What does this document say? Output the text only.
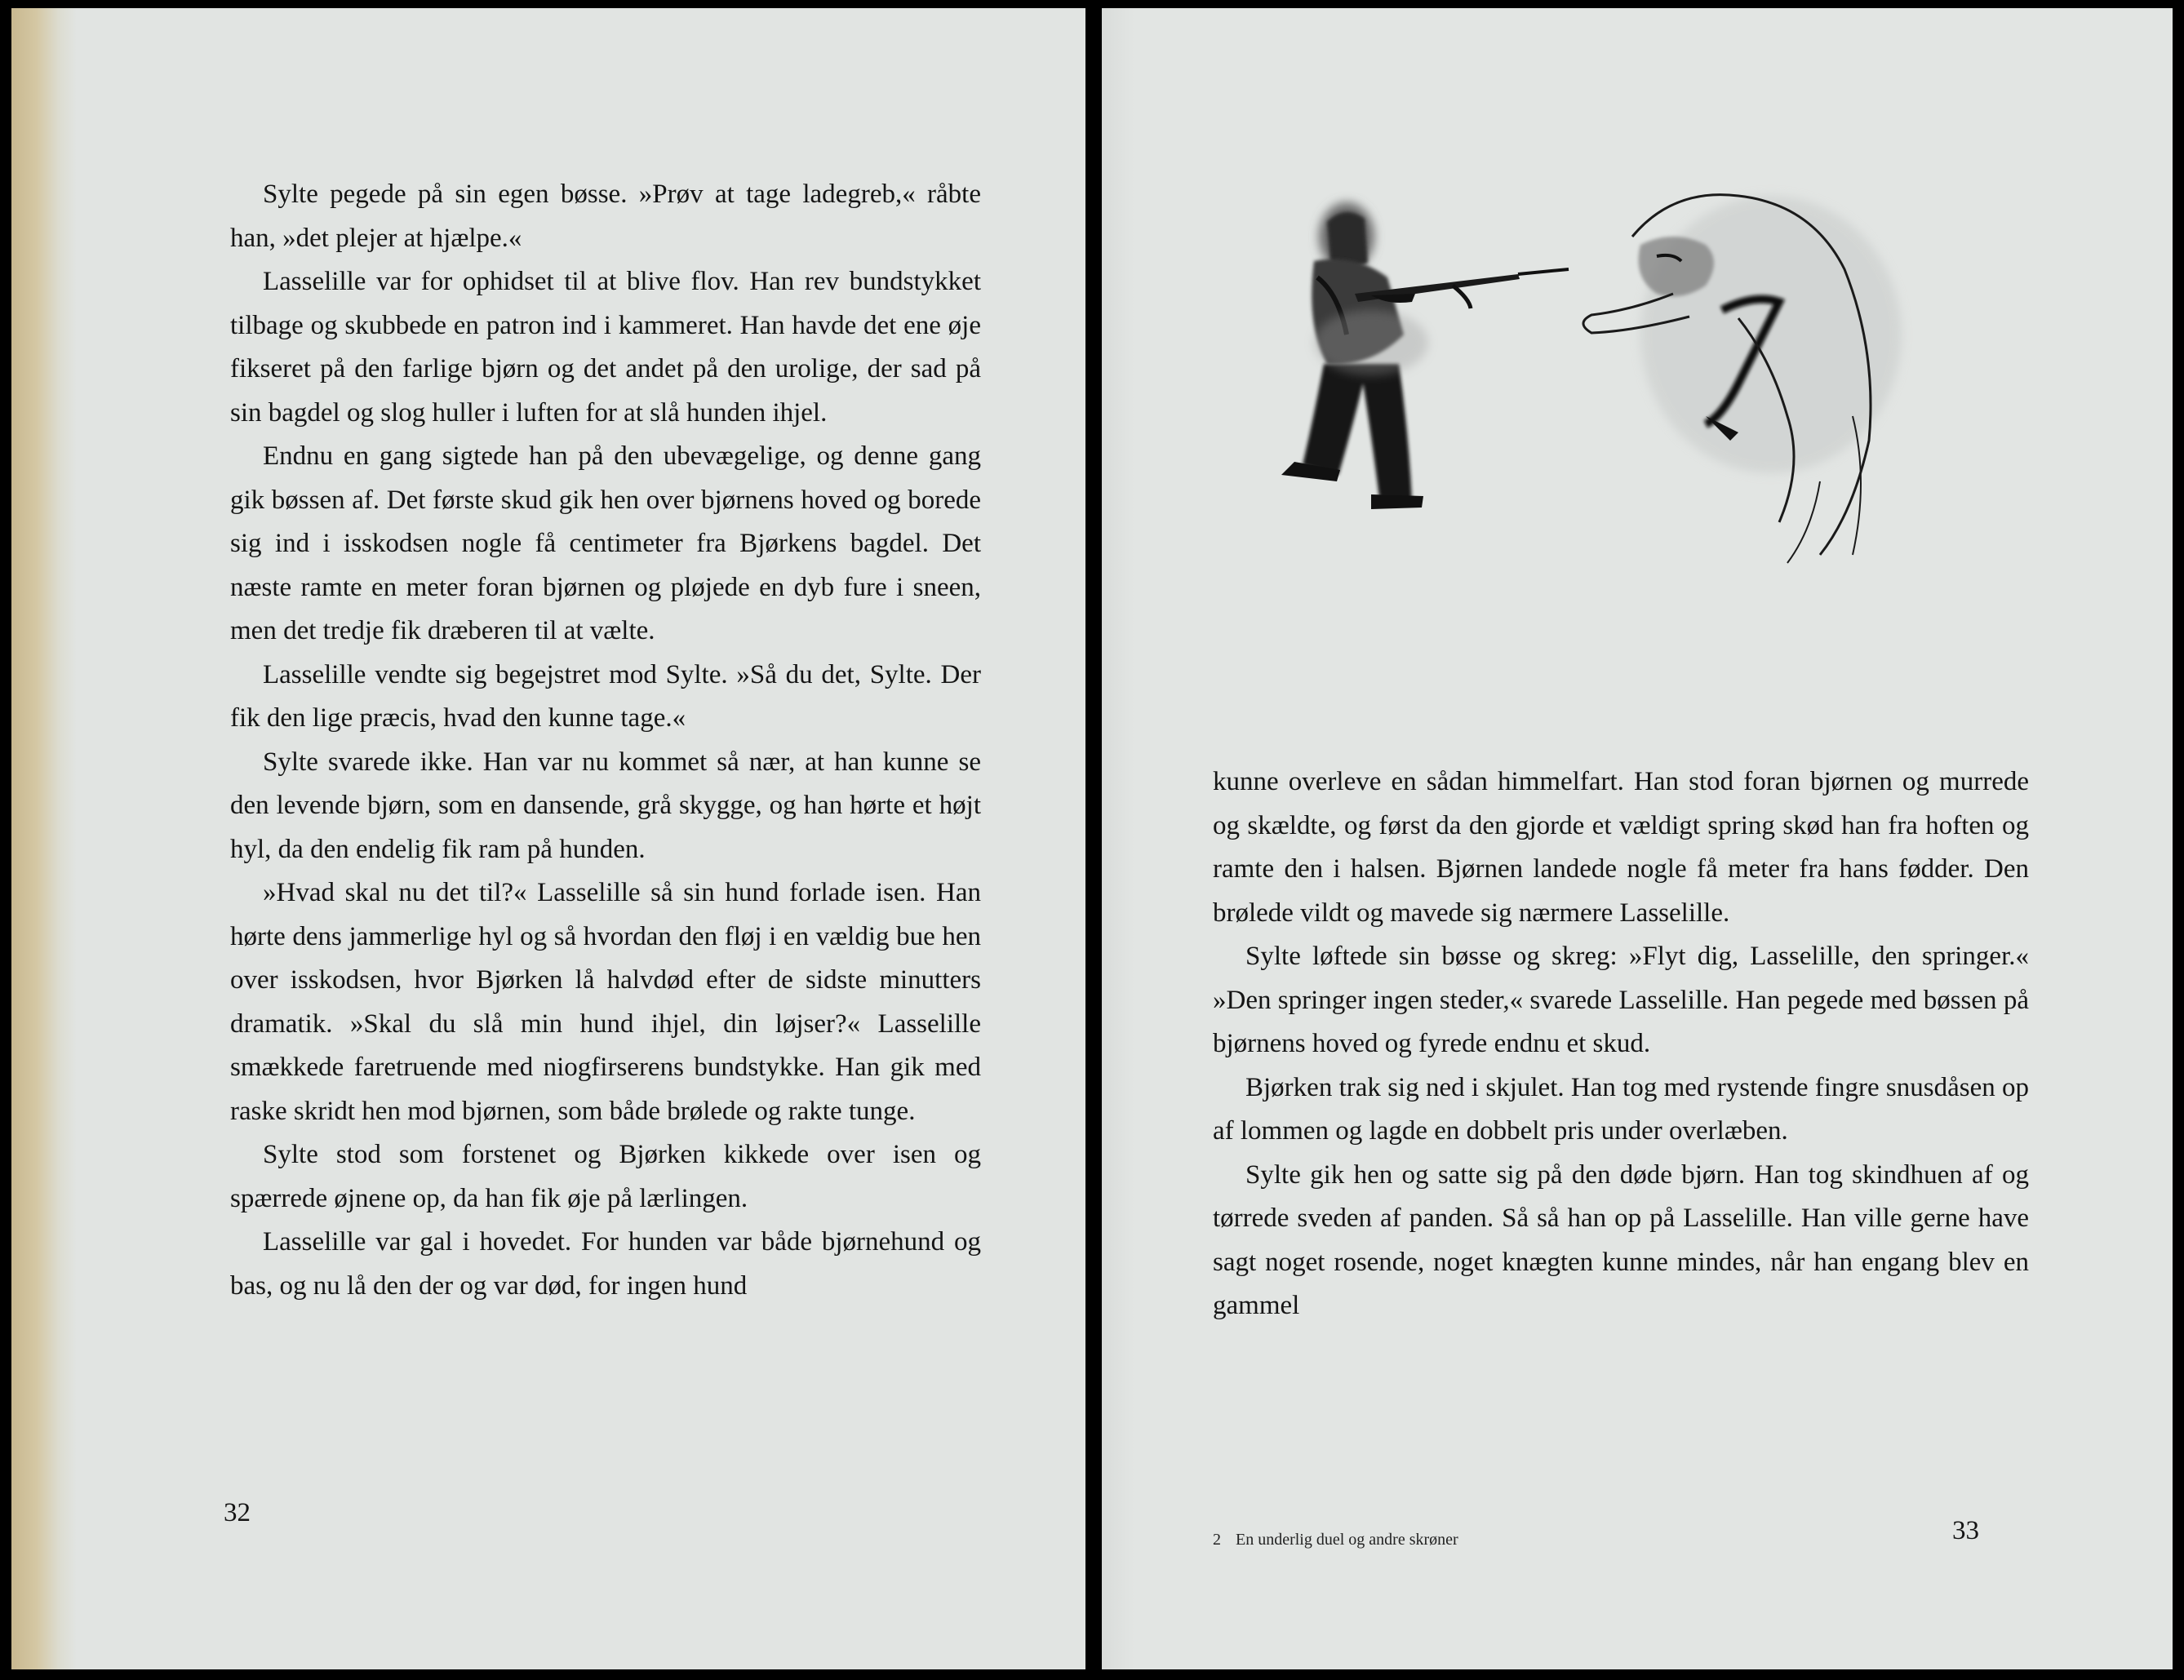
Sylte pegede på sin egen bøsse. »Prøv at tage ladegreb,« råbte han, »det plejer at hjælpe.«

Lasselille var for ophidset til at blive flov. Han rev bundstykket tilbage og skubbede en patron ind i kammeret. Han havde det ene øje fikseret på den farlige bjørn og det andet på den urolige, der sad på sin bagdel og slog huller i luften for at slå hunden ihjel.

Endnu en gang sigtede han på den ubevægelige, og denne gang gik bøssen af. Det første skud gik hen over bjørnens hoved og borede sig ind i isskodsen nogle få centimeter fra Bjørkens bagdel. Det næste ramte en meter foran bjørnen og pløjede en dyb fure i sneen, men det tredje fik dræberen til at vælte.

Lasselille vendte sig begejstret mod Sylte. »Så du det, Sylte. Der fik den lige præcis, hvad den kunne tage.«

Sylte svarede ikke. Han var nu kommet så nær, at han kunne se den levende bjørn, som en dansende, grå skygge, og han hørte et højt hyl, da den endelig fik ram på hunden.

»Hvad skal nu det til?« Lasselille så sin hund forlade isen. Han hørte dens jammerlige hyl og så hvordan den fløj i en vældig bue hen over isskodsen, hvor Bjørken lå halvdød efter de sidste minutters dramatik. »Skal du slå min hund ihjel, din løjser?« Lasselille smækkede faretruende med niogfirserens bundstykke. Han gik med raske skridt hen mod bjørnen, som både brølede og rakte tunge.

Sylte stod som forstenet og Bjørken kikkede over isen og spærrede øjnene op, da han fik øje på lærlingen.

Lasselille var gal i hovedet. For hunden var både bjørnehund og bas, og nu lå den der og var død, for ingen hund

32

kunne overleve en sådan himmelfart. Han stod foran bjørnen og murrede og skældte, og først da den gjorde et vældigt spring skød han fra hoften og ramte den i halsen. Bjørnen landede nogle få meter fra hans fødder. Den brølede vildt og mavede sig nærmere Lasselille.

Sylte løftede sin bøsse og skreg: »Flyt dig, Lasselille, den springer.« »Den springer ingen steder,« svarede Lasselille. Han pegede med bøssen på bjørnens hoved og fyrede endnu et skud.

Bjørken trak sig ned i skjulet. Han tog med rystende fingre snusdåsen op af lommen og lagde en dobbelt pris under overlæben.

Sylte gik hen og satte sig på den døde bjørn. Han tog skindhuen af og tørrede sveden af panden. Så så han op på Lasselille. Han ville gerne have sagt noget rosende, noget knægten kunne mindes, når han engang blev en gammel

2 En underlig duel og andre skrøner	33
